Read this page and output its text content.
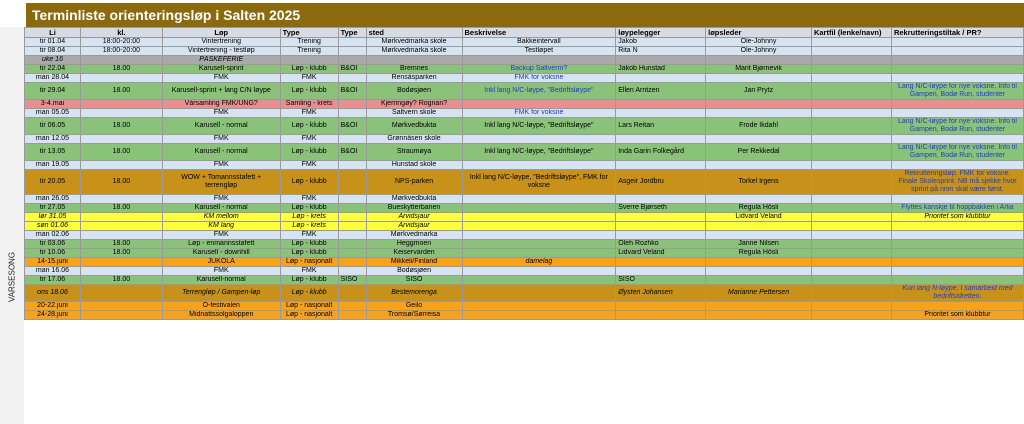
Terminliste orienteringsløp i Salten 2025
VARSESONG
Li	kl.	Løp	Type	Type	sted	Beskrivelse	løypelegger	løpsleder	Kartfil (lenke/navn)	Rekrutteringstiltak / PR?
tir 01.04	18:00-20:00	Vintertrening	Trening		Mørkvedmarka skole	Bakkeintervall	Jakob	Ole-Johnny		
tir 08.04	18:00-20:00	Vintertrening - testløp	Trening		Mørkvedmarka skole	Testløpet	Rita N	Ole-Johnny		
uke 16		PÅSKEFERIE								
tir 22.04	18.00	Karusell-sprint	Løp - klubb	B&OI	Bremnes	Backup Saltverm?	Jakob Hunstad	Marit Bjørnevik		
man 28.04		FMK	FMK		Rensåsparken	FMK for voksne				
tir 29.04	18.00	Karusell-sprint + lang C/N løype	Løp - klubb	B&OI	Bodøsjøen	Inkl lang N/C-løype, "Bedriftsløype"	Ellen Arntzen	Jan Prytz		Lang N/C-løype for nye voksne. Info til Gampen, Bodø Run, studenter
3-4.mai		Vårsamling FMK/UNG?	Samling - krets		Kjerringøy? Rognan?					
man 05.05		FMK	FMK		Saltvern skole	FMK for voksne				
tir 06.05	18.00	Karusell - normal	Løp - klubb	B&OI	Mørkvedbukta	Inkl lang N/C-løype, "Bedriftsløype"	Lars Reitan	Frode Ikdahl		Lang N/C-løype for nye voksne. Info til Gampen, Bodø Run, studenter
man 12.05		FMK	FMK		Grønnåsen skole					
tir 13.05	18.00	Karusell - normal	Løp - klubb	B&OI	Straumøya	Inkl lang N/C-løype, "Bedriftsløype"	Inda Garin Folkegård	Per Rekkedal		Lang N/C-løype for nye voksne. Info til Gampen, Bodø Run, studenter
man 19.05		FMK	FMK		Hunstad skole					
tir 20.05	18.00	WOW + Tomannsstafett + terrengløp	Løp - klubb		NPS-parken	Inkl lang N/C-løype, "Bedriftsløype", FMK for voksne	Asgeir Jordbru	Torkel Irgens		Rekrutteringsløp. FMK for voksne. Finale Skolesprint. NB må sjekke hvor sprint på nnm skal være først.
man 26.05		FMK	FMK		Mørkvedbukta					
tir 27.05	18.00	Karusell - normal	Løp - klubb		Bueskytterbanen		Sverre Bjørseth	Regula Hösli		Flyttes kanskje til hoppbakken i Arlia
lør 31.05		KM mellom	Løp - krets		Arvidsjaur			Lidvard Veland		Prioritet som klubbtur
søn 01.06		KM lang	Løp - krets		Arvidsjaur					
man 02.06		FMK	FMK		Mørkvedmarka					
tir 03.06	18.00	Løp - enmannsstafett	Løp - klubb		Heggmoen		Oleh Rozhko	Janne Nilsen		
tir 10.06	18.00	Karusell - downhill	Løp - klubb		Keiservarden		Lidvard Veland	Regula Hösli		
14-15.juni		JUKOLA	Løp - nasjonalt		Mikkeli/Finland	damelag				
man 16.06		FMK	FMK		Bodøsjøen					
tir 17.06	18.00	Karusell-normal	Løp - klubb	SISO	SISO		SISO			
ons 18.06		Terrengløp / Gampen-løp	Løp - klubb		Bestemorenga		Øysten Johansen	Marianne Pettersen		Kun lang N-løype. I samarbeid med bedriftsidretten.
20-22.juni		O-festivalen	Løp - nasjonalt		Geilo					
24-28.juni		Midnattssolgaloppen	Løp - nasjonalt		Tromsø/Sørreisa					Prioritet som klubbtur
